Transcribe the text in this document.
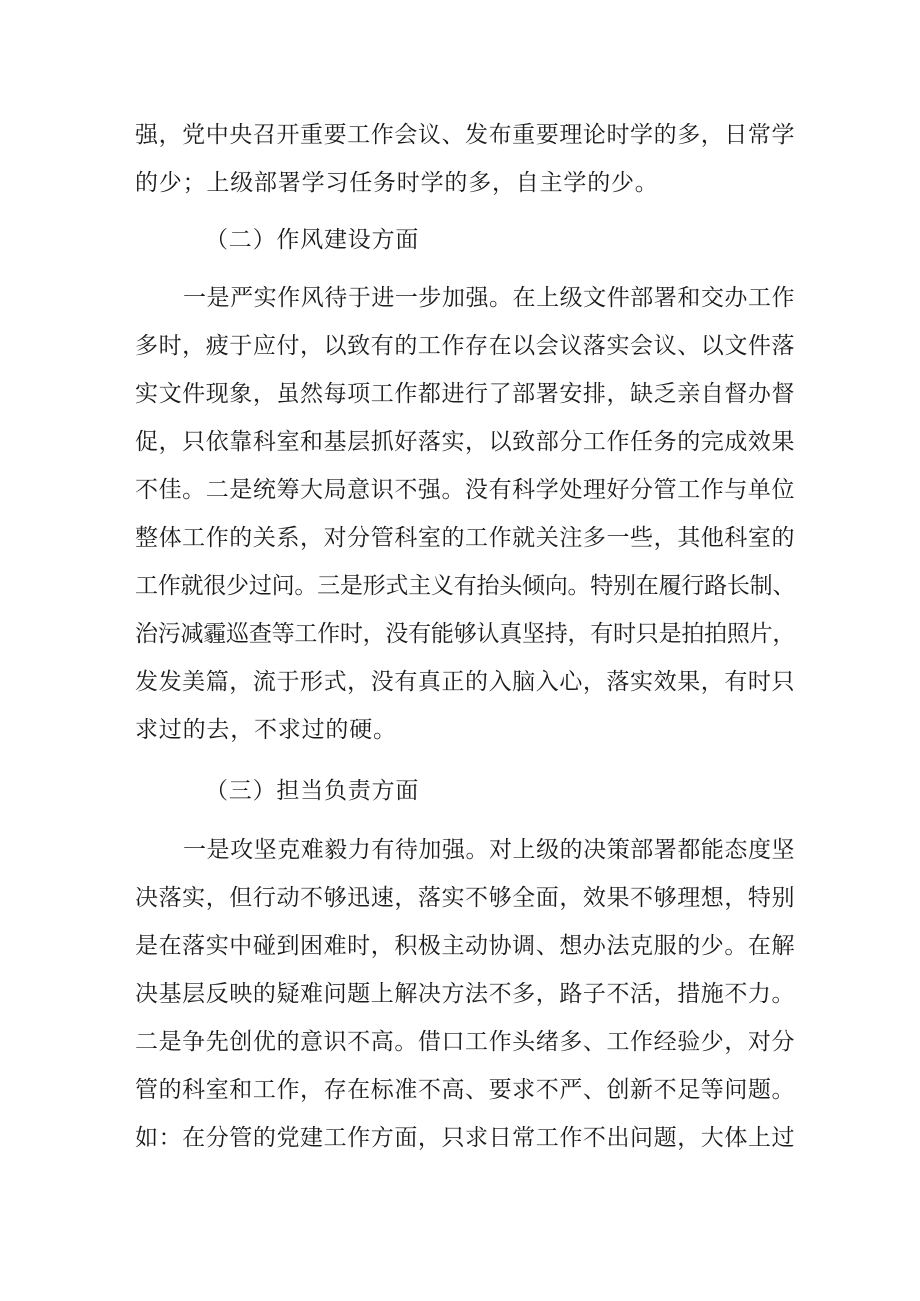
强，党中央召开重要工作会议、发布重要理论时学的多，日常学
的少；上级部署学习任务时学的多，自主学的少。
（二）作风建设方面
一是严实作风待于进一步加强。在上级文件部署和交办工作
多时，疲于应付，以致有的工作存在以会议落实会议、以文件落
实文件现象，虽然每项工作都进行了部署安排，缺乏亲自督办督
促，只依靠科室和基层抓好落实，以致部分工作任务的完成效果
不佳。二是统筹大局意识不强。没有科学处理好分管工作与单位
整体工作的关系，对分管科室的工作就关注多一些，其他科室的
工作就很少过问。三是形式主义有抬头倾向。特别在履行路长制、
治污减霾巡查等工作时，没有能够认真坚持，有时只是拍拍照片，
发发美篇，流于形式，没有真正的入脑入心，落实效果，有时只
求过的去，不求过的硬。
（三）担当负责方面
一是攻坚克难毅力有待加强。对上级的决策部署都能态度坚
决落实，但行动不够迅速，落实不够全面，效果不够理想，特别
是在落实中碰到困难时，积极主动协调、想办法克服的少。在解
决基层反映的疑难问题上解决方法不多，路子不活，措施不力。
二是争先创优的意识不高。借口工作头绪多、工作经验少，对分
管的科室和工作，存在标准不高、要求不严、创新不足等问题。
如：在分管的党建工作方面，只求日常工作不出问题，大体上过
